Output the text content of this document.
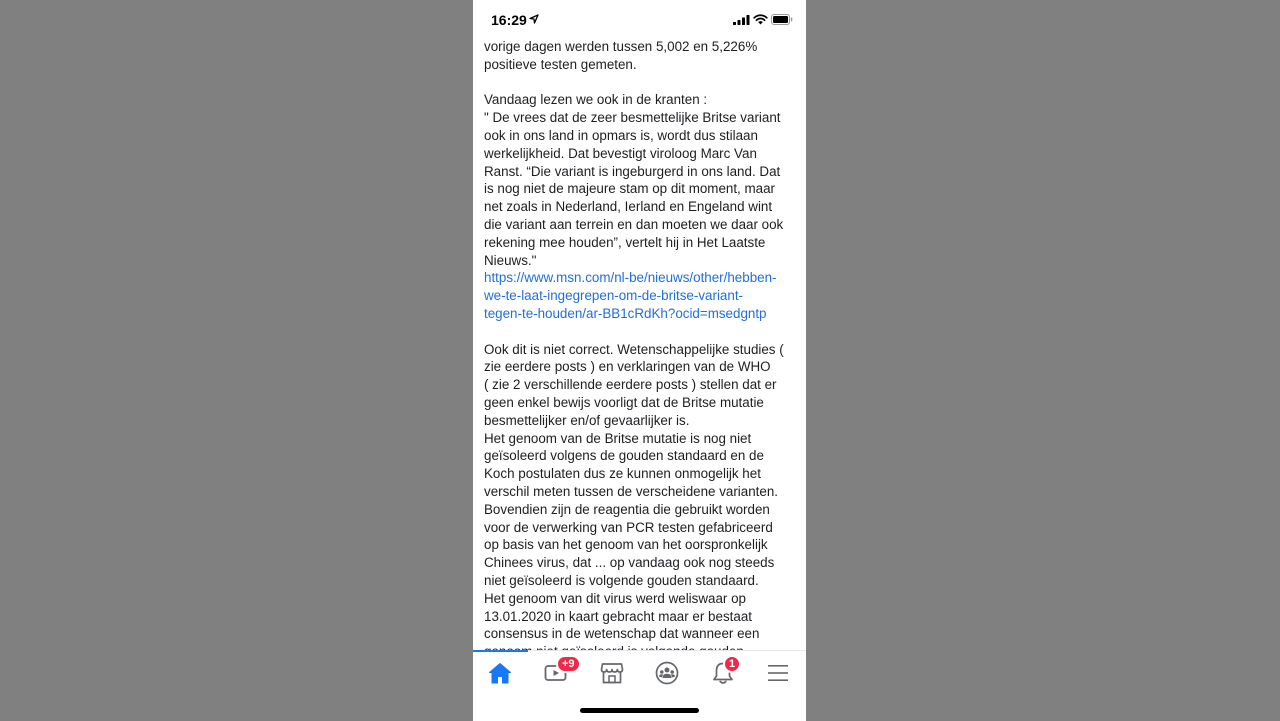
16:29

vorige dagen werden tussen 5,002 en 5,226%
positieve testen gemeten.

Vandaag lezen we ook in de kranten :
" De vrees dat de zeer besmettelijke Britse variant
ook in ons land in opmars is, wordt dus stilaan
werkelijkheid. Dat bevestigt viroloog Marc Van
Ranst. “Die variant is ingeburgerd in ons land. Dat
is nog niet de majeure stam op dit moment, maar
net zoals in Nederland, Ierland en Engeland wint
die variant aan terrein en dan moeten we daar ook
rekening mee houden”, vertelt hij in Het Laatste
Nieuws."

https://www.msn.com/nl-be/nieuws/other/hebben-
we-te-laat-ingegrepen-om-de-britse-variant-
tegen-te-houden/ar-BB1cRdKh?ocid=msedgntp

Ook dit is niet correct. Wetenschappelijke studies (
zie eerdere posts ) en verklaringen van de WHO
( zie 2 verschillende eerdere posts ) stellen dat er
geen enkel bewijs voorligt dat de Britse mutatie
besmettelijker en/of gevaarlijker is.
Het genoom van de Britse mutatie is nog niet
geïsoleerd volgens de gouden standaard en de
Koch postulaten dus ze kunnen onmogelijk het
verschil meten tussen de verscheidene varianten.
Bovendien zijn de reagentia die gebruikt worden
voor de verwerking van PCR testen gefabriceerd
op basis van het genoom van het oorspronkelijk
Chinees virus, dat ... op vandaag ook nog steeds
niet geïsoleerd is volgende gouden standaard.
Het genoom van dit virus werd weliswaar op
13.01.2020 in kaart gebracht maar er bestaat
consensus in de wetenschap dat wanneer een

+9	1
